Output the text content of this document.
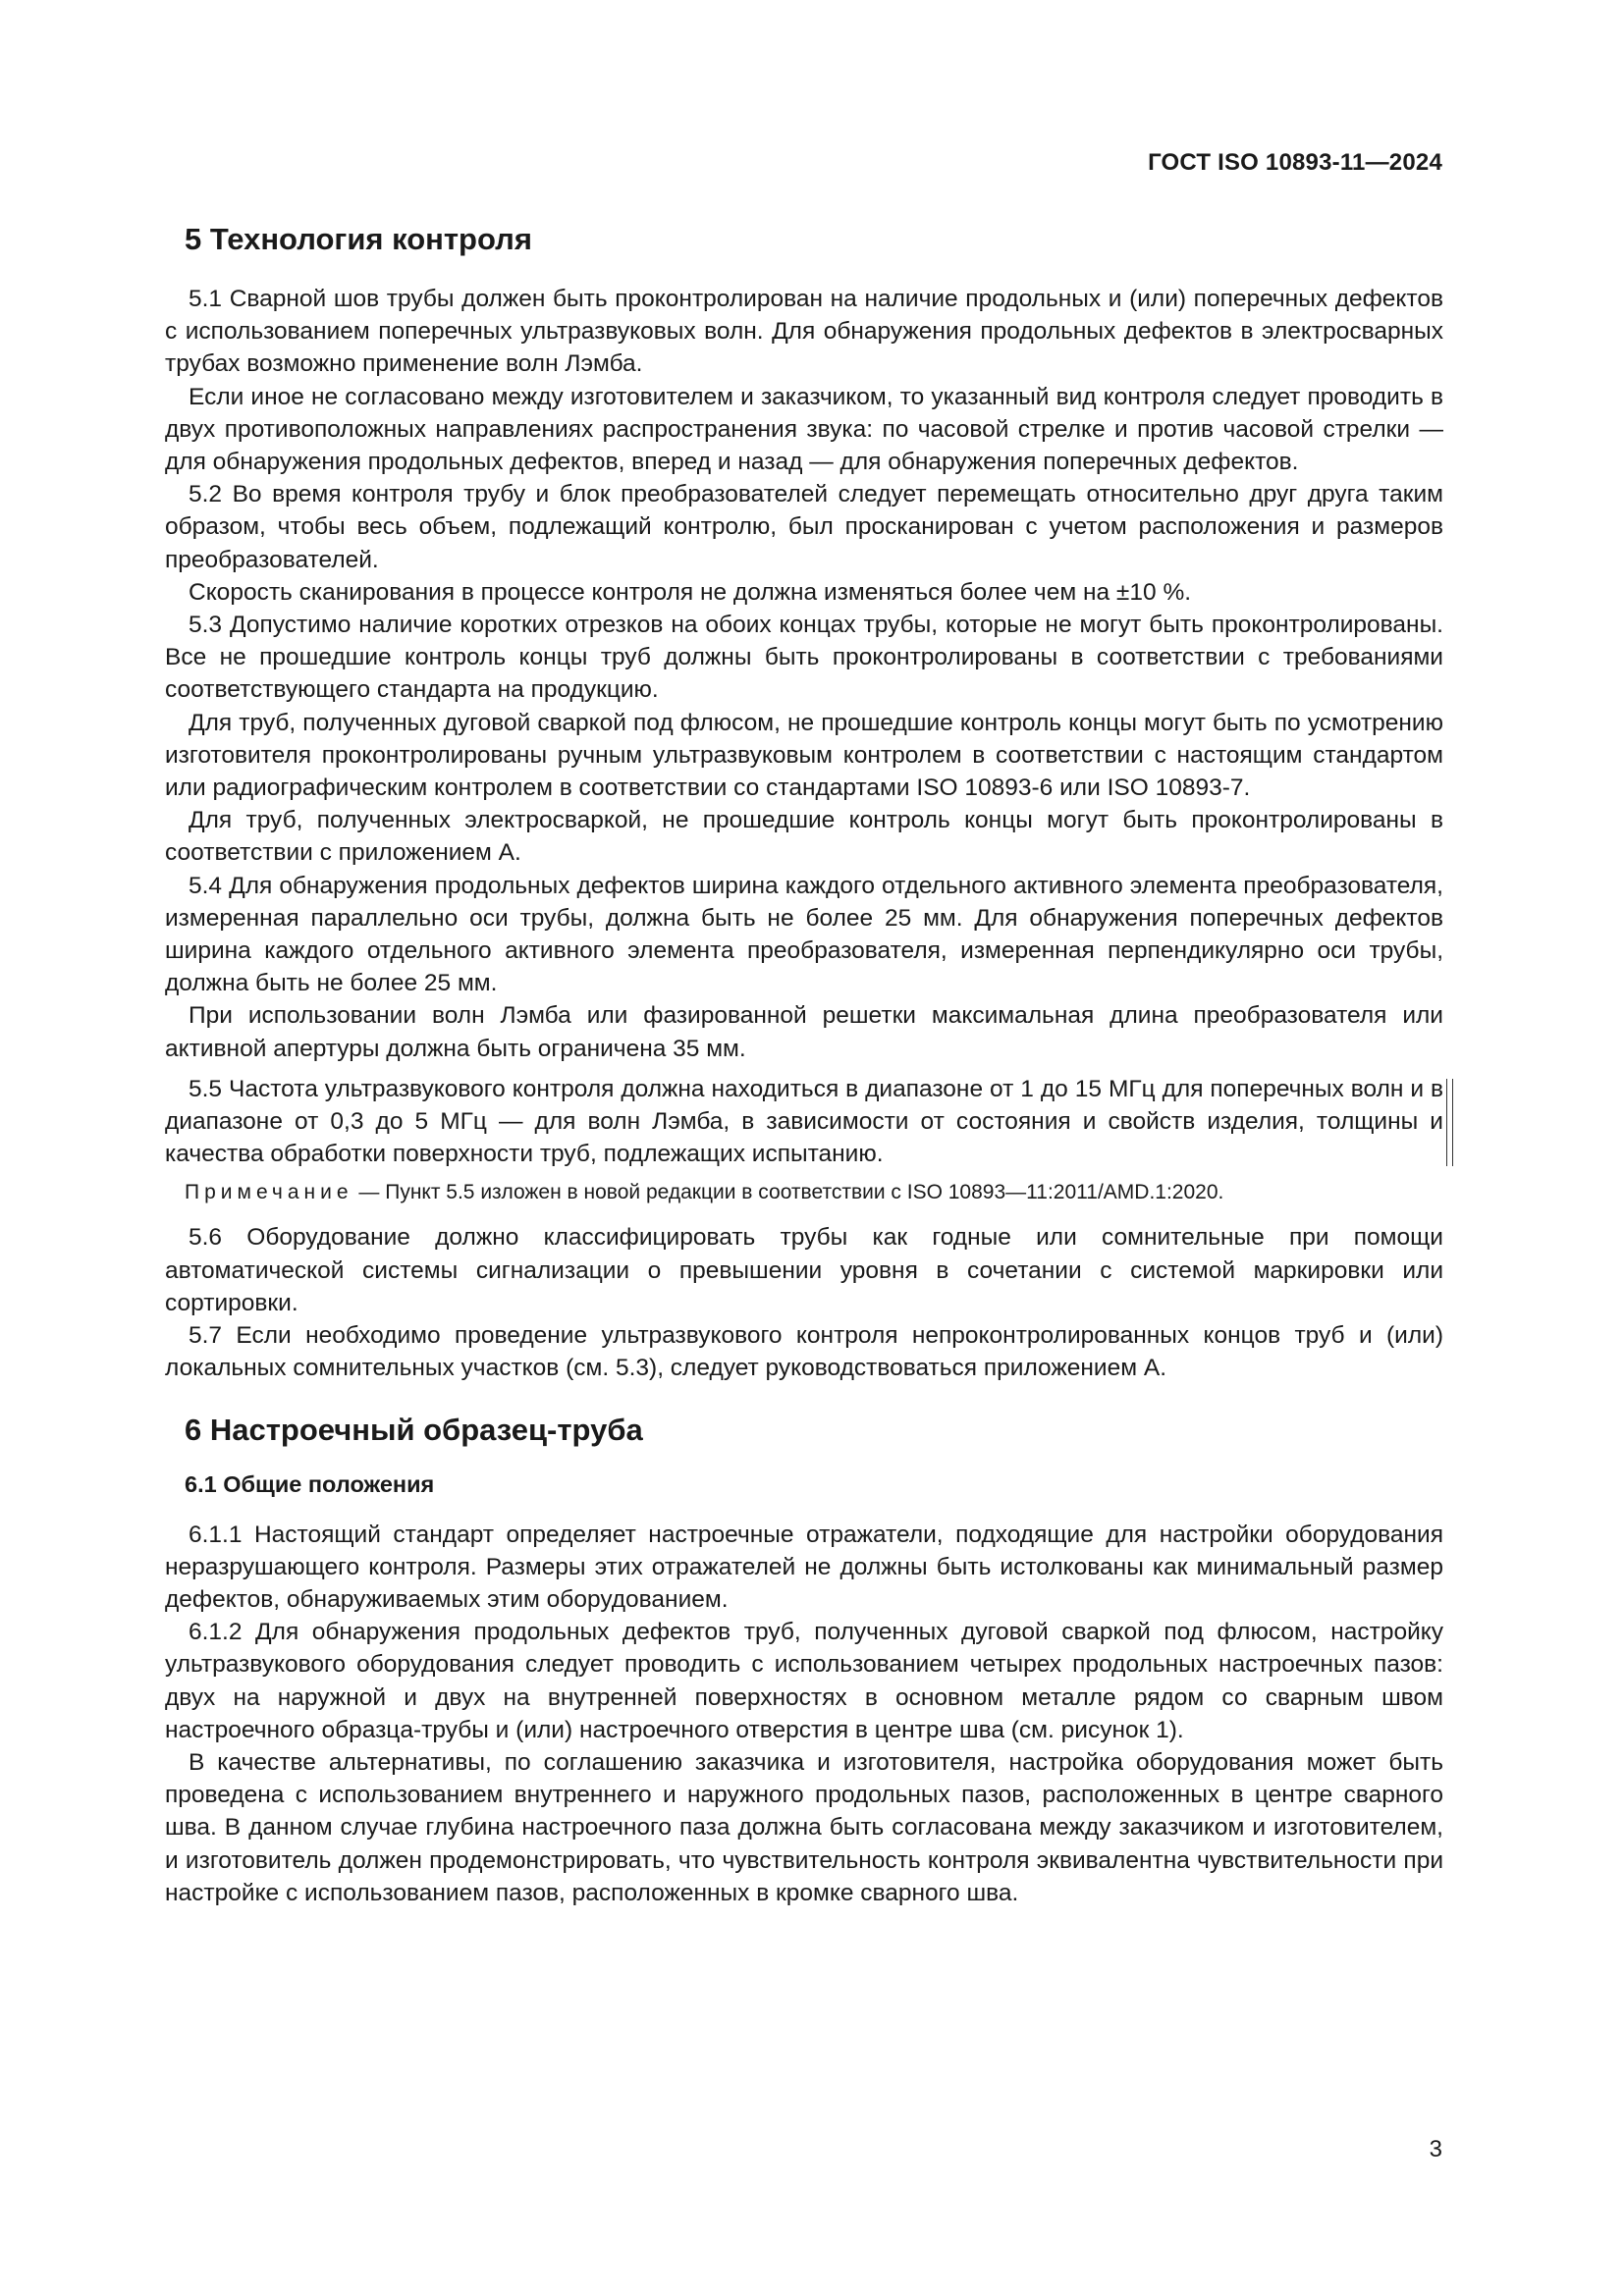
ГОСТ ISO 10893-11—2024
5 Технология контроля

5.1 Сварной шов трубы должен быть проконтролирован на наличие продольных и (или) поперечных дефектов с использованием поперечных ультразвуковых волн. Для обнаружения продольных дефектов в электросварных трубах возможно применение волн Лэмба.

Если иное не согласовано между изготовителем и заказчиком, то указанный вид контроля следует проводить в двух противоположных направлениях распространения звука: по часовой стрелке и против часовой стрелки — для обнаружения продольных дефектов, вперед и назад — для обнаружения поперечных дефектов.

5.2 Во время контроля трубу и блок преобразователей следует перемещать относительно друг друга таким образом, чтобы весь объем, подлежащий контролю, был просканирован с учетом расположения и размеров преобразователей.

Скорость сканирования в процессе контроля не должна изменяться более чем на ±10 %.

5.3 Допустимо наличие коротких отрезков на обоих концах трубы, которые не могут быть проконтролированы. Все не прошедшие контроль концы труб должны быть проконтролированы в соответствии с требованиями соответствующего стандарта на продукцию.

Для труб, полученных дуговой сваркой под флюсом, не прошедшие контроль концы могут быть по усмотрению изготовителя проконтролированы ручным ультразвуковым контролем в соответствии с настоящим стандартом или радиографическим контролем в соответствии со стандартами ISO 10893-6 или ISO 10893-7.

Для труб, полученных электросваркой, не прошедшие контроль концы могут быть проконтролированы в соответствии с приложением А.

5.4 Для обнаружения продольных дефектов ширина каждого отдельного активного элемента преобразователя, измеренная параллельно оси трубы, должна быть не более 25 мм. Для обнаружения поперечных дефектов ширина каждого отдельного активного элемента преобразователя, измеренная перпендикулярно оси трубы, должна быть не более 25 мм.

При использовании волн Лэмба или фазированной решетки максимальная длина преобразователя или активной апертуры должна быть ограничена 35 мм.

5.5 Частота ультразвукового контроля должна находиться в диапазоне от 1 до 15 МГц для поперечных волн и в диапазоне от 0,3 до 5 МГц — для волн Лэмба, в зависимости от состояния и свойств изделия, толщины и качества обработки поверхности труб, подлежащих испытанию.

Примечание — Пункт 5.5 изложен в новой редакции в соответствии с ISO 10893—11:2011/AMD.1:2020.

5.6 Оборудование должно классифицировать трубы как годные или сомнительные при помощи автоматической системы сигнализации о превышении уровня в сочетании с системой маркировки или сортировки.

5.7 Если необходимо проведение ультразвукового контроля непроконтролированных концов труб и (или) локальных сомнительных участков (см. 5.3), следует руководствоваться приложением А.

6 Настроечный образец-труба
6.1 Общие положения

6.1.1 Настоящий стандарт определяет настроечные отражатели, подходящие для настройки оборудования неразрушающего контроля. Размеры этих отражателей не должны быть истолкованы как минимальный размер дефектов, обнаруживаемых этим оборудованием.

6.1.2 Для обнаружения продольных дефектов труб, полученных дуговой сваркой под флюсом, настройку ультразвукового оборудования следует проводить с использованием четырех продольных настроечных пазов: двух на наружной и двух на внутренней поверхностях в основном металле рядом со сварным швом настроечного образца-трубы и (или) настроечного отверстия в центре шва (см. рисунок 1).

В качестве альтернативы, по соглашению заказчика и изготовителя, настройка оборудования может быть проведена с использованием внутреннего и наружного продольных пазов, расположенных в центре сварного шва. В данном случае глубина настроечного паза должна быть согласована между заказчиком и изготовителем, и изготовитель должен продемонстрировать, что чувствительность контроля эквивалентна чувствительности при настройке с использованием пазов, расположенных в кромке сварного шва.

3
